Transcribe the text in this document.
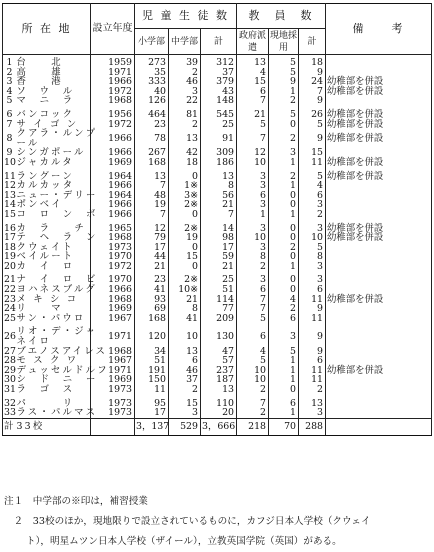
所 在 地		設立年度	児 童 生 徒 数			教　員　数			備　　考
			小学部	中学部	計	政府派遣	現地採用	計	
1	台　　北	1959	273	39	312	13	5	18	
2	高　　雄	1971	35	2	37	4	5	9	
3	香　　港	1966	333	46	379	15	9	24	幼稚部を併設
4	ソ　ウ　ル	1972	40	3	43	6	1	7	幼稚部を併設
5	マ　ニ　ラ	1968	126	22	148	7	2	9	
6	バンコック	1956	464	81	545	21	5	26	幼稚部を併設
7	サ イ ゴ ン	1972	23	2	25	5	0	5	幼稚部を併設
8	クアラ・ルンプ
ール	1966	78	13	91	7	2	9	幼稚部を併設
9	シンガポール	1966	267	42	309	12	3	15	
10	ジャカルタ	1969	168	18	186	10	1	11	幼稚部を併設
11	ラングーン	1964	13	0	13	3	2	5	幼稚部を併設
12	カルカッタ	1966	7	1※	8	3	1	4	
13	ニュー・デリー	1964	48	3※	56	6	0	6	
14	ボンベイ	1966	19	2※	21	3	0	3	
15	コ　ロ　ン　ボ	1966	7	0	7	1	1	2	
16	カ　ラ　　チ	1965	12	2※	14	3	0	3	幼稚部を併設
17	テ　ヘ　ラ　ン	1968	79	19	98	10	0	10	幼稚部を併設
18	クウェイト	1973	17	0	17	3	2	5	
19	ベイルート	1970	44	15	59	8	0	8	
20	カ　イ　ロ	1972	21	0	21	2	1	3	
21	ナ　イ　ロ　ビ	1970	23	2※	25	3	0	3	
22	ヨハネスブルグ	1966	41	10※	51	6	0	6	
23	メ キ シ コ	1968	93	21	114	7	4	11	幼稚部を併設
24	リ　　マ	1969	69	8	77	7	2	9	
25	サン・パウロ	1967	168	41	209	5	6	11	
26	リオ・デ・ジャ
ネイロ	1971	120	10	130	6	3	9	
27	ブエノスアイレス	1968	34	13	47	4	5	9	
28	モ ス ク ワ	1967	51	6	57	5	1	6	
29	デュッセルドルフ	1971	191	46	237	10	1	11	幼稚部を併設
30	シ　ド　ニ　ー	1969	150	37	187	10	1	11	
31	ラ　ゴ　ス	1973	11	2	13	2	0	2	
32	パ　　　リ	1973	95	15	110	7	6	13	
33	ラス・パルマス	1973	17	3	20	2	1	3	
計	33校		3，137	529	3，666	218	70	288	
注１　中学部の※印は，補習授業
　２　33校のほか，現地限りで設立されているものに，カフジ日本人学校（クウェイ
ト），明星ムツン日本人学校（ザイール），立教英国学院（英国）がある。
